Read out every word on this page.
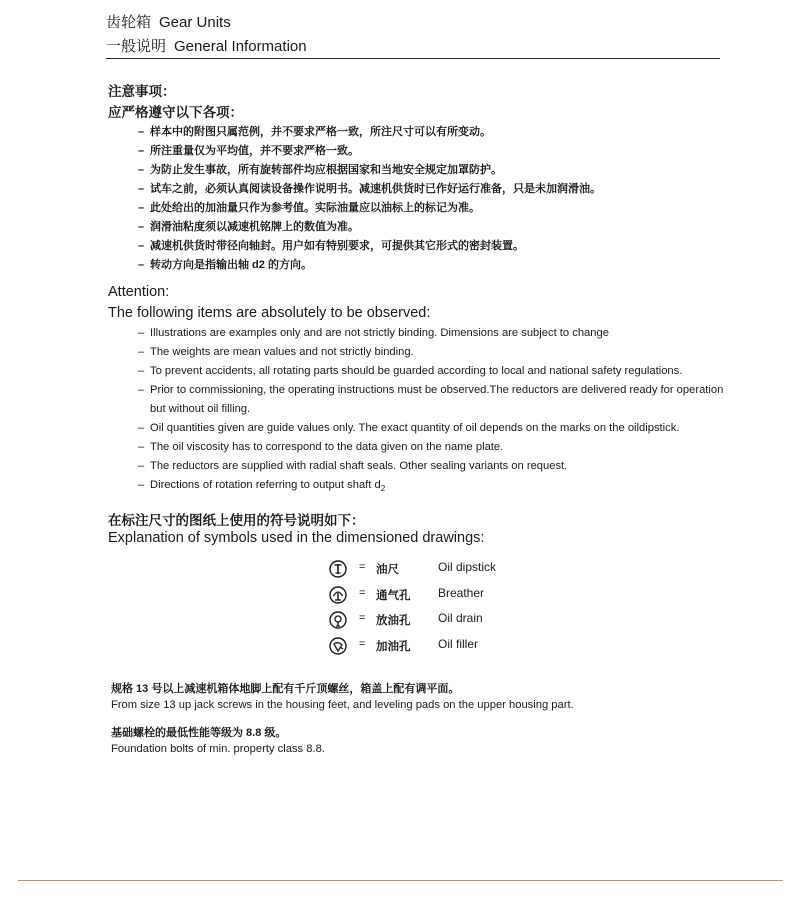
齿轮箱 Gear Units
一般说明 General Information
注意事项：
应严格遵守以下各项：
– 样本中的附图只属范例，并不要求严格一致，所注尺寸可以有所变动。
– 所注重量仅为平均值，并不要求严格一致。
– 为防止发生事故，所有旋转部件均应根据国家和当地安全规定加罩防护。
– 试车之前，必须认真阅读设备操作说明书。减速机供货时已作好运行准备，只是未加润滑油。
– 此处给出的加油量只作为参考值。实际油量应以油标上的标记为准。
– 润滑油粘度须以减速机铭牌上的数值为准。
– 减速机供货时带径向轴封。用户如有特别要求，可提供其它形式的密封装置。
– 转动方向是指输出轴 d2 的方向。
Attention:
The following items are absolutely to be observed:
– Illustrations are examples only and are not strictly binding. Dimensions are subject to change
– The weights are mean values and not strictly binding.
– To prevent accidents, all rotating parts should be guarded according to local and national safety regulations.
– Prior to commissioning, the operating instructions must be observed.The reductors are delivered ready for operation but without oil filling.
– Oil quantities given are guide values only. The exact quantity of oil depends on the marks on the oildipstick.
– The oil viscosity has to correspond to the data given on the name plate.
– The reductors are supplied with radial shaft seals. Other sealing variants on request.
– Directions of rotation referring to output shaft $d_2$
在标注尺寸的图纸上使用的符号说明如下：
Explanation of symbols used in the dimensioned drawings:
= 油尺	Oil dipstick
= 通气孔 Breather
= 放油孔 Oil drain
= 加油孔 Oil filler
规格 13 号以上减速机箱体地脚上配有千斤顶螺丝，箱盖上配有调平面。
From size 13 up jack screws in the housing feet, and leveling pads on the upper housing part.
基础螺栓的最低性能等级为 8.8 级。
Foundation bolts of min. property class 8.8.
